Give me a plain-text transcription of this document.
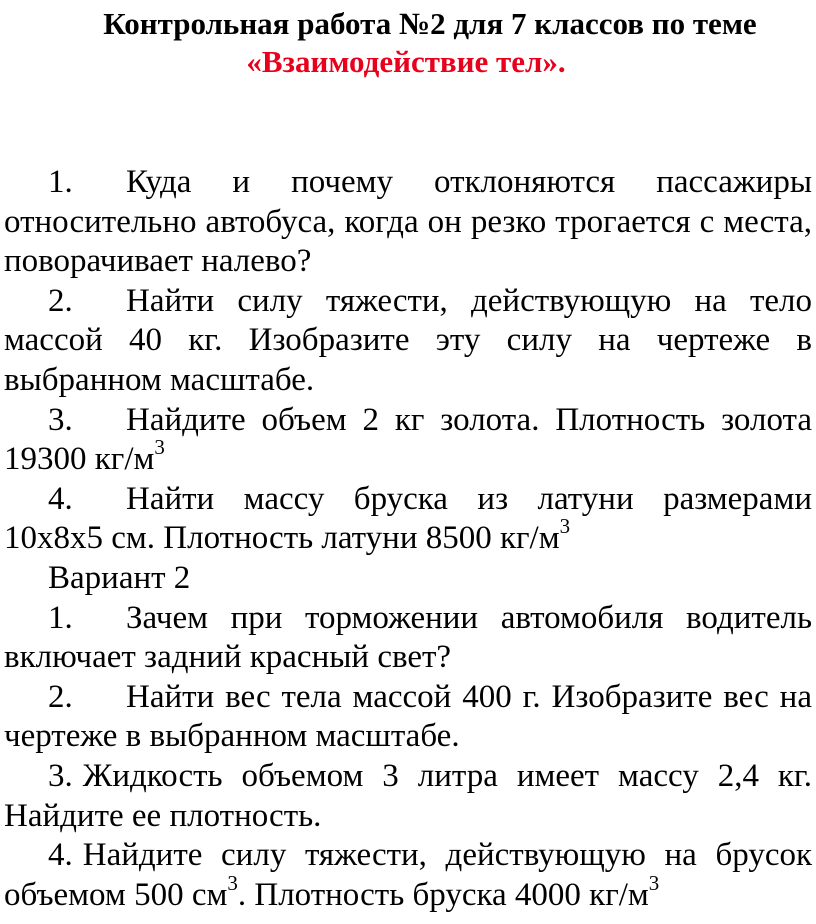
Контрольная работа №2 для 7 классов по теме
«Взаимодействие тел».

1. Куда и почему отклоняются пассажиры относительно автобуса, когда он резко трогается с места, поворачивает налево?

2. Найти силу тяжести, действующую на тело массой 40 кг. Изобразите эту силу на чертеже в выбранном масштабе.

3. Найдите объем 2 кг золота. Плотность золота 19300 $кг/м^3$

4. Найти массу бруска из латуни размерами 10х8х5 см. Плотность латуни 8500 $кг/м^3$

Вариант 2

1. Зачем при торможении автомобиля водитель включает задний красный свет?

2. Найти вес тела массой 400 г. Изобразите вес на чертеже в выбранном масштабе.

3. Жидкость объемом 3 литра имеет массу 2,4 кг. Найдите ее плотность.

4. Найдите силу тяжести, действующую на брусок объемом 500 $см^3$. Плотность бруска 4000 $кг/м^3$
